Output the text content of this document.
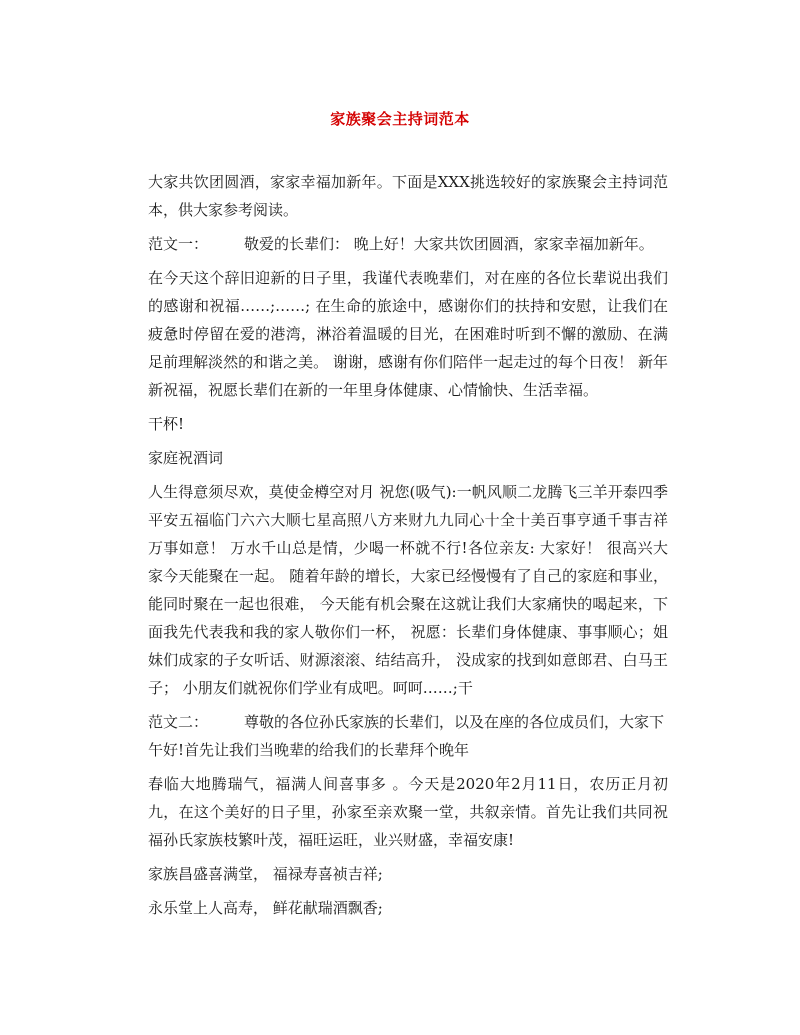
家族聚会主持词范本

大家共饮团圆酒，家家幸福加新年。下面是XXX挑选较好的家族聚会主持词范本，供大家参考阅读。

范文一： 敬爱的长辈们： 晚上好！大家共饮团圆酒，家家幸福加新年。

在今天这个辞旧迎新的日子里，我谨代表晚辈们，对在座的各位长辈说出我们的感谢和祝福……;……; 在生命的旅途中，感谢你们的扶持和安慰，让我们在疲惫时停留在爱的港湾，淋浴着温暖的目光，在困难时听到不懈的激励、在满足前理解淡然的和谐之美。 谢谢，感谢有你们陪伴一起走过的每个日夜！ 新年新祝福，祝愿长辈们在新的一年里身体健康、心情愉快、生活幸福。

干杯!

家庭祝酒词

人生得意须尽欢，莫使金樽空对月 祝您(吸气):一帆风顺二龙腾飞三羊开泰四季平安五福临门六六大顺七星高照八方来财九九同心十全十美百事亨通千事吉祥万事如意！ 万水千山总是情，少喝一杯就不行!各位亲友: 大家好！ 很高兴大家今天能聚在一起。 随着年龄的增长，大家已经慢慢有了自己的家庭和事业，能同时聚在一起也很难， 今天能有机会聚在这就让我们大家痛快的喝起来，下面我先代表我和我的家人敬你们一杯， 祝愿：长辈们身体健康、事事顺心；姐妹们成家的子女听话、财源滚滚、结结高升， 没成家的找到如意郎君、白马王子； 小朋友们就祝你们学业有成吧。呵呵……;干

范文二： 尊敬的各位孙氏家族的长辈们，以及在座的各位成员们，大家下午好!首先让我们当晚辈的给我们的长辈拜个晚年

春临大地腾瑞气，福满人间喜事多 。今天是2020年2月11日，农历正月初九，在这个美好的日子里，孙家至亲欢聚一堂，共叙亲情。首先让我们共同祝福孙氏家族枝繁叶茂，福旺运旺，业兴财盛，幸福安康!

家族昌盛喜满堂， 福禄寿喜祯吉祥;

永乐堂上人高寿， 鲜花献瑞酒飘香;
